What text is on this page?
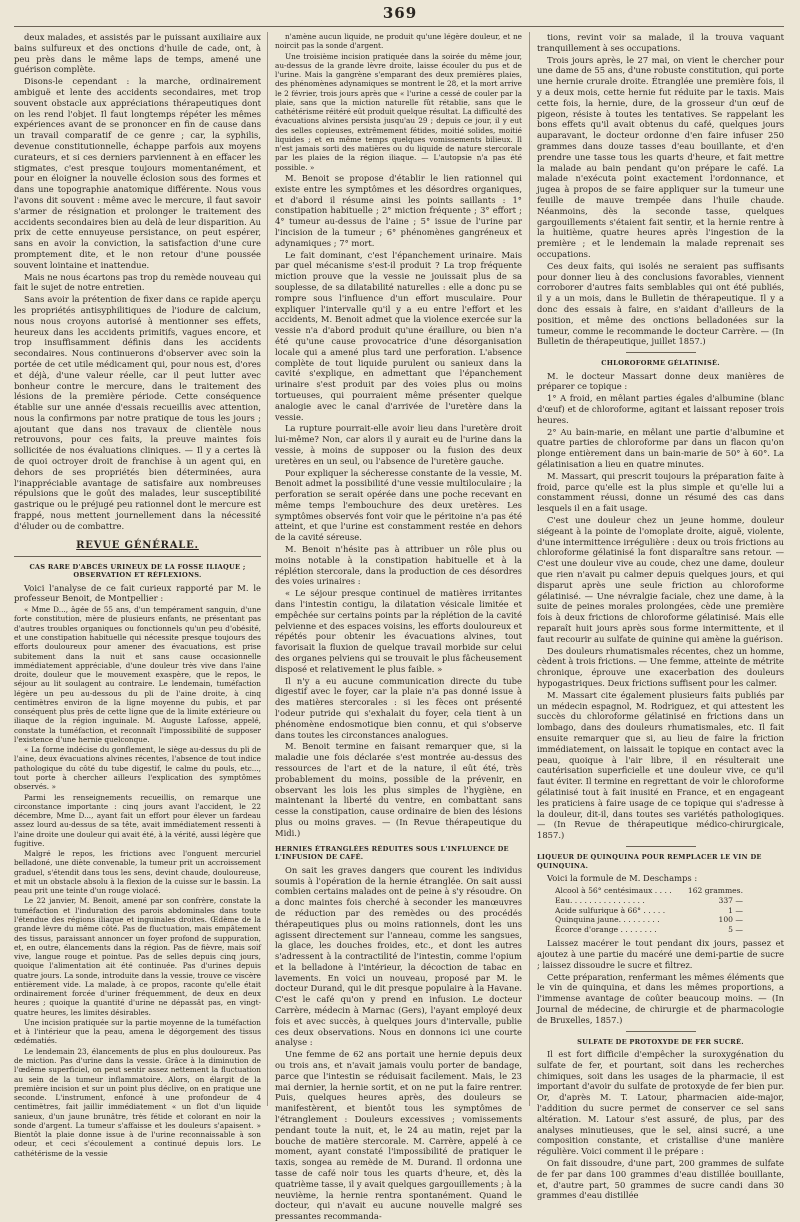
369

deux malades, et assistés par le puissant auxiliaire aux bains sulfureux et des onctions d'huile de cade, ont, à peu près dans le même laps de temps, amené une guérison complète.

Disons-le cependant : la marche, ordinairement ambiguë et lente des accidents secondaires, met trop souvent obstacle aux appréciations thérapeutiques dont on les rend l'objet. Il faut longtemps répéter les mêmes expériences avant de se prononcer en fin de cause dans un travail comparatif de ce genre ; car, la syphilis, devenue constitutionnelle, échappe parfois aux moyens curateurs, et si ces derniers parviennent à en effacer les stigmates, c'est presque toujours momentanément, et pour en éloigner la nouvelle éclosion sous des formes et dans une topographie anatomique différente. Nous vous l'avons dit souvent : même avec le mercure, il faut savoir s'armer de résignation et prolonger le traitement des accidents secondaires bien au delà de leur disparition. Au prix de cette ennuyeuse persistance, on peut espérer, sans en avoir la conviction, la satisfaction d'une cure promptement dite, et le non retour d'une poussée souvent lointaine et inattendue.

Mais ne nous écartons pas trop du remède nouveau qui fait le sujet de notre entretien.

Sans avoir la prétention de fixer dans ce rapide aperçu les propriétés antisyphilitiques de l'iodure de calcium, nous nous croyons autorisé à mentionner ses effets, heureux dans les accidents primitifs, vagues encore, et trop insuffisamment définis dans les accidents secondaires. Nous continuerons d'observer avec soin la portée de cet utile médicament qui, pour nous est, d'ores et déjà, d'une valeur réelle, car il peut lutter avec bonheur contre le mercure, dans le traitement des lésions de la première période. Cette conséquence établie sur une année d'essais recueillis avec attention, nous la confirmons par notre pratique de tous les jours ; ajoutant que dans nos travaux de clientèle nous retrouvons, pour ces faits, la preuve maintes fois sollicitée de nos évaluations cliniques. — Il y a certes là de quoi octroyer droit de franchise à un agent qui, en dehors de ses propriétés bien déterminées, aura l'inappréciable avantage de satisfaire aux nombreuses répulsions que le goût des malades, leur susceptibilité gastrique ou le préjugé peu rationnel dont le mercure est frappé, nous mettent journellement dans la nécessité d'éluder ou de combattre.

REVUE GÉNÉRALE.
CAS RARE D'ABCÈS URINEUX DE LA FOSSE ILIAQUE ; OBSERVATION ET RÉFLEXIONS.

Voici l'analyse de ce fait curieux rapporté par M. le professeur Benoit, de Montpellier :

« Mme D..., âgée de 55 ans, d'un tempérament sanguin, d'une forte constitution, mère de plusieurs enfants, ne présentant pas d'autres troubles organiques ou fonctionnels qu'un peu d'obésité, et une constipation habituelle qui nécessite presque toujours des efforts douloureux pour amener des évacuations, est prise subitement dans la nuit et sans cause occasionnelle immédiatement appréciable, d'une douleur très vive dans l'aine droite, douleur que le mouvement exaspère, que le repos, le séjour au lit soulagent au contraire. Le lendemain, tuméfaction légère un peu au-dessous du pli de l'aine droite, à cinq centimètres environ de la ligne moyenne du pubis, et par conséquent plus près de cette ligne que de la limite extérieure ou iliaque de la région inguinale. M. Auguste Lafosse, appelé, constate la tuméfaction, et reconnaît l'impossibilité de supposer l'existence d'une hernie quelconque.

« La forme indécise du gonflement, le siège au-dessus du pli de l'aine, deux évacuations alvines récentes, l'absence de tout indice pathologique du côté du tube digestif, le calme du pouls, etc..., tout porte à chercher ailleurs l'explication des symptômes observés. »

Parmi les renseignements recueillis, on remarque une circonstance importante : cinq jours avant l'accident, le 22 décembre, Mme D..., ayant fait un effort pour élever un fardeau assez lourd au-dessus de sa tête, avait immédiatement ressenti à l'aine droite une douleur qui avait été, à la vérité, aussi légère que fugitive.

Malgré le repos, les frictions avec l'onguent mercuriel belladoné, une diète convenable, la tumeur prit un accroissement graduel, s'étendit dans tous les sens, devint chaude, douloureuse, et mit un obstacle absolu à la flexion de la cuisse sur le bassin. La peau prit une teinte d'un rouge violacé.

Le 22 janvier, M. Benoit, amené par son confrère, constate la tuméfaction et l'induration des parois abdominales dans toute l'étendue des régions iliaque et inguinales droites. Œdème de la grande lèvre du même côté. Pas de fluctuation, mais empâtement des tissus, paraissant annoncer un foyer profond de suppuration, et, en outre, élancements dans la région. Pas de fièvre, mais soif vive, langue rouge et pointue. Pas de selles depuis cinq jours, quoique l'alimentation ait été continuée. Pas d'urines depuis quatre jours. La sonde, introduite dans la vessie, trouve ce viscère entièrement vide. La malade, à ce propos, raconte qu'elle était ordinairement forcée d'uriner fréquemment, de deux en deux heures ; quoique la quantité d'urine ne dépassât pas, en vingt-quatre heures, les limites désirables.

Une incision pratiquée sur la partie moyenne de la tuméfaction et à l'intérieur que la peau, amena le dégorgement des tissus œdématiés.

Le lendemain 23, élancements de plus en plus douloureux. Pas de miction. Pas d'urine dans la vessie. Grâce à la diminution de l'œdème superficiel, on peut sentir assez nettement la fluctuation au sein de la tumeur inflammatoire. Alors, on élargit de la première incision et sur un point plus déclive, on en pratique une seconde. L'instrument, enfoncé à une profondeur de 4 centimètres, fait jaillir immédiatement « un flot d'un liquide sanieux, d'un jaune brunâtre, très fétide et colorant en noir la sonde d'argent. La tumeur s'affaisse et les douleurs s'apaisent. » Bientôt la plaie donne issue à de l'urine reconnaissable à son odeur, et ceci s'écoulement a continué depuis lors. Le cathétérisme de la vessie

n'amène aucun liquide, ne produit qu'une légère douleur, et ne noircit pas la sonde d'argent.

Une troisième incision pratiquée dans la soirée du même jour, au-dessus de la grande lèvre droite, laisse écouler du pus et de l'urine. Mais la gangrène s'emparant des deux premières plaies, des phénomènes adynamiques se montrent le 28, et la mort arrive le 2 février, trois jours après que « l'urine a cessé de couler par la plaie, sans que la miction naturelle fût rétablie, sans que le cathétérisme réitéré eût produit quelque résultat. La difficulté des évacuations alvines persista jusqu'au 29 ; depuis ce jour, il y eut des selles copieuses, extrêmement fétides, moitié solides, moitié liquides ; et en même temps quelques vomissements bilieux. Il n'est jamais sorti des matières ou du liquide de nature stercorale par les plaies de la région iliaque. — L'autopsie n'a pas été possible. »

M. Benoit se propose d'établir le lien rationnel qui existe entre les symptômes et les désordres organiques, et d'abord il résume ainsi les points saillants : 1° constipation habituelle ; 2° miction fréquente ; 3° effort ; 4° tumeur au-dessus de l'aine ; 5° issue de l'urine par l'incision de la tumeur ; 6° phénomènes gangréneux et adynamiques ; 7° mort.

Le fait dominant, c'est l'épanchement urinaire. Mais par quel mécanisme s'est-il produit ? La trop fréquente miction prouve que la vessie ne jouissait plus de sa souplesse, de sa dilatabilité naturelles : elle a donc pu se rompre sous l'influence d'un effort musculaire. Pour expliquer l'intervalle qu'il y a eu entre l'effort et les accidents, M. Benoit admet que la violence exercée sur la vessie n'a d'abord produit qu'une éraillure, ou bien n'a été qu'une cause provocatrice d'une désorganisation locale qui a amené plus tard une perforation. L'absence complète de tout liquide purulent ou sanieux dans la cavité s'explique, en admettant que l'épanchement urinaire s'est produit par des voies plus ou moins tortueuses, qui pourraient même présenter quelque analogie avec le canal d'arrivée de l'uretère dans la vessie.

La rupture pourrait-elle avoir lieu dans l'uretère droit lui-même? Non, car alors il y aurait eu de l'urine dans la vessie, à moins de supposer ou la fusion des deux uretères en un seul, ou l'absence de l'uretère gauche.

Pour expliquer la sécheresse constante de la vessie, M. Benoit admet la possibilité d'une vessie multiloculaire ; la perforation se serait opérée dans une poche recevant en même temps l'embouchure des deux uretères. Les symptômes observés font voir que le péritoine n'a pas été atteint, et que l'urine est constamment restée en dehors de la cavité séreuse.

M. Benoit n'hésite pas à attribuer un rôle plus ou moins notable à la constipation habituelle et à la réplétion stercorale, dans la production de ces désordres des voies urinaires :

« Le séjour presque continuel de matières irritantes dans l'intestin contigu, la dilatation vésicale limitée et empêchée sur certains points par la réplétion de la cavité pelvienne et des espaces voisins, les efforts douloureux et répétés pour obtenir les évacuations alvines, tout favorisait la fluxion de quelque travail morbide sur celui des organes pelviens qui se trouvait le plus fâcheusement disposé et relativement le plus faible. »

Il n'y a eu aucune communication directe du tube digestif avec le foyer, car la plaie n'a pas donné issue à des matières stercorales : si les fèces ont présenté l'odeur putride qui s'exhalait du foyer, cela tient à un phénomène endosmotique bien connu, et qui s'observe dans toutes les circonstances analogues.

M. Benoit termine en faisant remarquer que, si la maladie une fois déclarée s'est montrée au-dessus des ressources de l'art et de la nature, il eût été, très probablement du moins, possible de la prévenir, en observant les lois les plus simples de l'hygiène, en maintenant la liberté du ventre, en combattant sans cesse la constipation, cause ordinaire de bien des lésions plus ou moins graves. — (In Revue thérapeutique du Midi.)

HERNIES ÉTRANGLÉES RÉDUITES SOUS L'INFLUENCE DE L'INFUSION DE CAFÉ.

On sait les graves dangers que courent les individus soumis à l'opération de la hernie étranglée. On sait aussi combien certains malades ont de peine à s'y résoudre. On a donc maintes fois cherché à seconder les manœuvres de réduction par des remèdes ou des procédés thérapeutiques plus ou moins rationnels, dont les uns agissent directement sur l'anneau, comme les sangsues, la glace, les douches froides, etc., et dont les autres s'adressent à la contractilité de l'intestin, comme l'opium et la belladone à l'intérieur, la décoction de tabac en lavements. En voici un nouveau, proposé par M. le docteur Durand, qui le dit presque populaire à la Havane. C'est le café qu'on y prend en infusion. Le docteur Carrère, médecin à Marnac (Gers), l'ayant employé deux fois et avec succès, à quelques jours d'intervalle, publie ces deux observations. Nous en donnons ici une courte analyse :

Une femme de 62 ans portait une hernie depuis deux ou trois ans, et n'avait jamais voulu porter de bandage, parce que l'intestin se réduisait facilement. Mais, le 23 mai dernier, la hernie sortit, et on ne put la faire rentrer. Puis, quelques heures après, des douleurs se manifestèrent, et bientôt tous les symptômes de l'étranglement : Douleurs excessives ; vomissements pendant toute la nuit, et, le 24 au matin, rejet par la bouche de matière stercorale. M. Carrère, appelé à ce moment, ayant constaté l'impossibilité de pratiquer le taxis, songea au remède de M. Durand. Il ordonna une tasse de café noir tous les quarts d'heure, et, dès la quatrième tasse, il y avait quelques gargouillements ; à la neuvième, la hernie rentra spontanément. Quand le docteur, qui n'avait eu aucune nouvelle malgré ses pressantes recommanda-

tions, revint voir sa malade, il la trouva vaquant tranquillement à ses occupations.

Trois jours après, le 27 mai, on vient le chercher pour une dame de 55 ans, d'une robuste constitution, qui porte une hernie crurale droite. Étranglée une première fois, il y a deux mois, cette hernie fut réduite par le taxis. Mais cette fois, la hernie, dure, de la grosseur d'un œuf de pigeon, résiste à toutes les tentatives. Se rappelant les bons effets qu'il avait obtenus du café, quelques jours auparavant, le docteur ordonne d'en faire infuser 250 grammes dans douze tasses d'eau bouillante, et d'en prendre une tasse tous les quarts d'heure, et fait mettre la malade au bain pendant qu'on prépare le café. La malade n'exécuta point exactement l'ordonnance, et jugea à propos de se faire appliquer sur la tumeur une feuille de mauve trempée dans l'huile chaude. Néanmoins, dès la seconde tasse, quelques gargouillements s'étaient fait sentir, et la hernie rentre à la huitième, quatre heures après l'ingestion de la première ; et le lendemain la malade reprenait ses occupations.

Ces deux faits, qui isolés ne seraient pas suffisants pour donner lieu à des conclusions favorables, viennent corroborer d'autres faits semblables qui ont été publiés, il y a un mois, dans le Bulletin de thérapeutique. Il y a donc des essais à faire, en s'aidant d'ailleurs de la position, et même des onctions belladonées sur la tumeur, comme le recommande le docteur Carrère. — (In Bulletin de thérapeutique, juillet 1857.)

CHLOROFORME GÉLATINISÉ.

M. le docteur Massart donne deux manières de préparer ce topique :

1° A froid, en mêlant parties égales d'albumine (blanc d'œuf) et de chloroforme, agitant et laissant reposer trois heures.

2° Au bain-marie, en mêlant une partie d'albumine et quatre parties de chloroforme par dans un flacon qu'on plonge entièrement dans un bain-marie de 50° à 60°. La gélatinisation a lieu en quatre minutes.

M. Massart, qui prescrit toujours la préparation faite à froid, parce qu'elle est la plus simple et qu'elle lui a constamment réussi, donne un résumé des cas dans lesquels il en a fait usage.

C'est une douleur chez un jeune homme, douleur siégeant à la pointe de l'omoplate droite, aiguë, violente, d'une intermittence irrégulière : deux ou trois frictions au chloroforme gélatinisé la font disparaître sans retour. — C'est une douleur vive au coude, chez une dame, douleur que rien n'avait pu calmer depuis quelques jours, et qui disparut après une seule friction au chloroforme gélatinisé. — Une névralgie faciale, chez une dame, à la suite de peines morales prolongées, cède une première fois à deux frictions de chloroforme gélatinisé. Mais elle reparaît huit jours après sous forme intermittente, et il faut recourir au sulfate de quinine qui amène la guérison.

Des douleurs rhumatismales récentes, chez un homme, cèdent à trois frictions. — Une femme, atteinte de métrite chronique, éprouve une exacerbation des douleurs hypogastriques. Deux frictions suffisent pour les calmer.

M. Massart cite également plusieurs faits publiés par un médecin espagnol, M. Rodriguez, et qui attestent les succès du chloroforme gélatinisé en frictions dans un lombago, dans des douleurs rhumatismales, etc. Il fait ensuite remarquer que si, au lieu de faire la friction immédiatement, on laissait le topique en contact avec la peau, quoique à l'air libre, il en résulterait une cautérisation superficielle et une douleur vive, ce qu'il faut éviter. Il termine en regrettant de voir le chloroforme gélatinisé tout à fait inusité en France, et en engageant les praticiens à faire usage de ce topique qui s'adresse à la douleur, dit-il, dans toutes ses variétés pathologiques. — (In Revue de thérapeutique médico-chirurgicale, 1857.)

LIQUEUR DE QUINQUINA POUR REMPLACER LE VIN DE QUINQUINA.

Voici la formule de M. Deschamps :

Alcool à 56° centésimaux . . . . 162 grammes.
Eau. . . . . . . . . . . . . . . .	337 —
Acide sulfurique à 66° . . . . .	1 —
Quinquina jaune. . . . . . . . .	100 —
Écorce d'orange . . . . . . . .	5 —

Laissez macérer le tout pendant dix jours, passez et ajoutez à une partie du macéré une demi-partie de sucre ; laissez dissoudre le sucre et filtrez.

Cette préparation, renfermant les mêmes éléments que le vin de quinquina, et dans les mêmes proportions, a l'immense avantage de coûter beaucoup moins. — (In Journal de médecine, de chirurgie et de pharmacologie de Bruxelles, 1857.)

SULFATE DE PROTOXYDE DE FER SUCRÉ.

Il est fort difficile d'empêcher la suroxygénation du sulfate de fer, et pourtant, soit dans les recherches chimiques, soit dans les usages de la pharmacie, il est important d'avoir du sulfate de protoxyde de fer bien pur. Or, d'après M. T. Latour, pharmacien aide-major, l'addition du sucre permet de conserver ce sel sans altération. M. Latour s'est assuré, de plus, par des analyses minutieuses, que le sel, ainsi sucré, a une composition constante, et cristallise d'une manière régulière. Voici comment il le prépare :

On fait dissoudre, d'une part, 200 grammes de sulfate de fer par dans 100 grammes d'eau distillée bouillante, et, d'autre part, 50 grammes de sucre candi dans 30 grammes d'eau distillée
